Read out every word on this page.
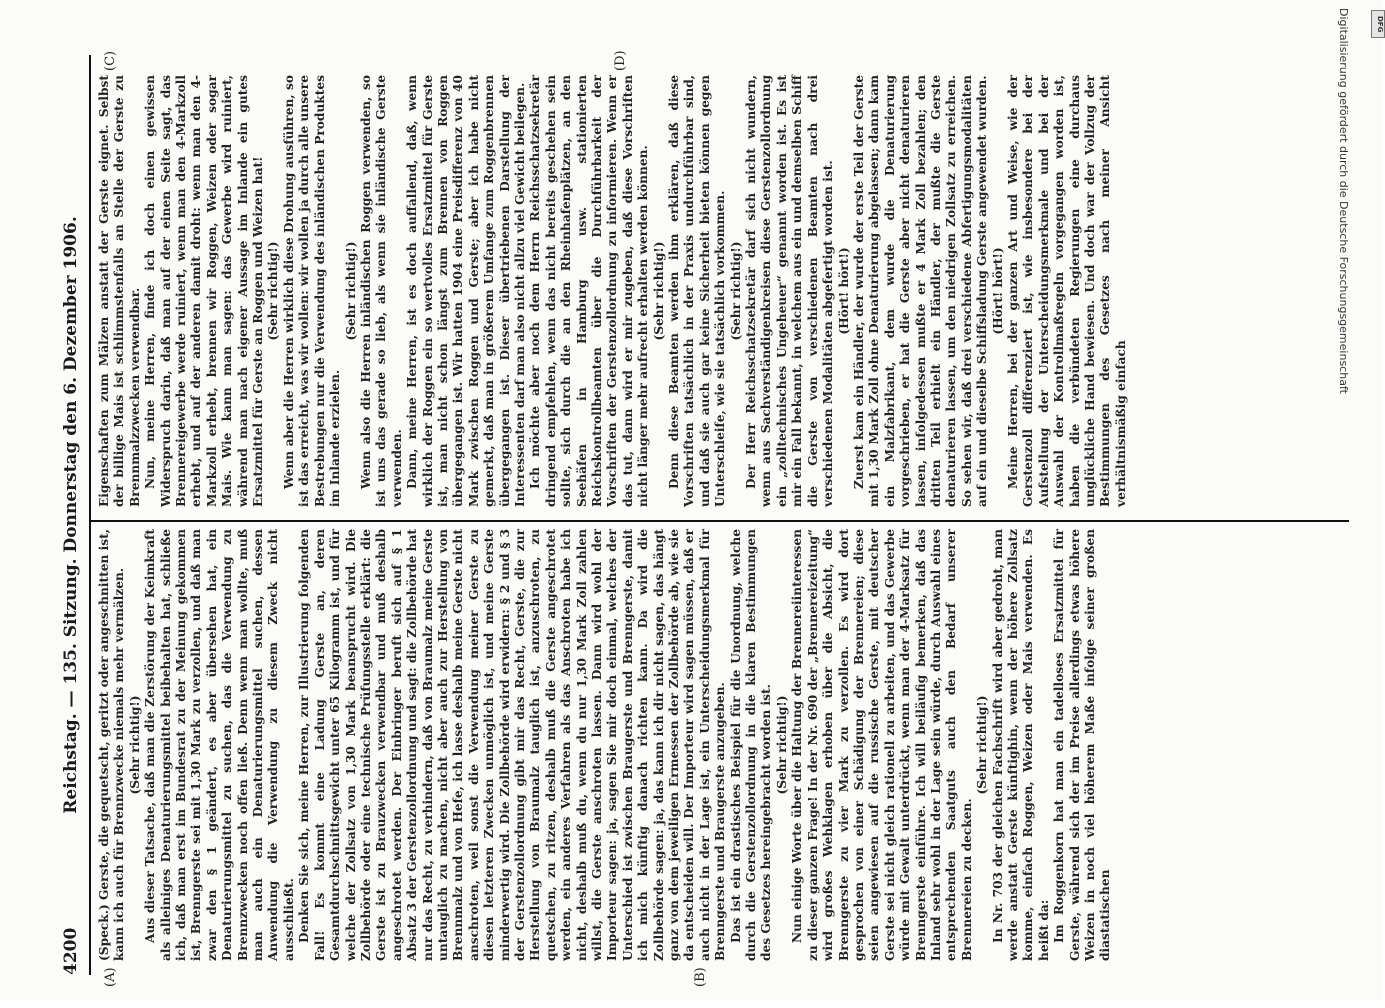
4200
Reichstag. — 135. Sitzung. Donnerstag den 6. Dezember 1906.
(A)	(B)
(C)	(D)

(Speck.) Gerste, die gequetscht, geritzt oder angeschnitten ist, kann ich auch für Brennzwecke niemals mehr vermälzen. (Sehr richtig!) Aus dieser Tatsache, daß man die Zerstörung der Keimkraft als alleiniges Denaturierungsmittel beibehalten hat, schließe ich, daß man erst im Bundesrat zu der Meinung gekommen ist, Brenngerste sei mit 1,30 Mark zu verzollen, und daß man zwar den § 1 geändert, es aber übersehen hat, ein Denaturierungsmittel zu suchen, das die Verwendung zu Brennzwecken noch offen ließ. Denn wenn man wollte, muß man auch ein Denaturierungsmittel suchen, dessen Anwendung die Verwendung zu diesem Zweck nicht ausschließt. Denken Sie sich, meine Herren, zur Illustrierung folgenden Fall! Es kommt eine Ladung Gerste an, deren Gesamtdurchschnittsgewicht unter 65 Kilogramm ist, und für welche der Zollsatz von 1,30 Mark beansprucht wird. Die Zollbehörde oder eine technische Prüfungsstelle erklärt: die Gerste ist zu Brauzwecken verwendbar und muß deshalb angeschrotet werden. Der Einbringer beruft sich auf § 1 Absatz 3 der Gerstenzollordnung und sagt: die Zollbehörde hat nur das Recht, zu verhindern, daß von Braumalz meine Gerste untauglich zu machen, nicht aber auch zur Herstellung von Brennmalz und von Hefe, ich lasse deshalb meine Gerste nicht anschroten, weil sonst die Verwendung meiner Gerste zu diesen letzteren Zwecken unmöglich ist, und meine Gerste minderwertig wird. Die Zollbehörde wird erwidern: § 2 und § 3 der Gerstenzollordnung gibt mir das Recht, Gerste, die zur Herstellung von Braumalz tauglich ist, anzuschroten, zu quetschen, zu ritzen, deshalb muß die Gerste angeschrotet werden, ein anderes Verfahren als das Anschroten habe ich nicht, deshalb muß du, wenn du nur 1,30 Mark Zoll zahlen willst, die Gerste anschroten lassen. Dann wird wohl der Importeur sagen: ja, sagen Sie mir doch einmal, welches der Unterschied ist zwischen Braugerste und Brenngerste, damit ich mich künftig danach richten kann. Da wird die Zollbehörde sagen: ja, das kann ich dir nicht sagen, das hängt ganz von dem jeweiligen Ermessen der Zollbehörde ab, wie sie da entscheiden will. Der Importeur wird sagen müssen, daß er auch nicht in der Lage ist, ein Unterscheidungsmerkmal für Brenngerste und Braugerste anzugeben. Das ist ein drastisches Beispiel für die Unordnung, welche durch die Gerstenzollordnung in die klaren Bestimmungen des Gesetzes hereingebracht worden ist. (Sehr richtig!) Nun einige Worte über die Haltung der Brennereiinteressen zu dieser ganzen Frage! In der Nr. 690 der „Brennereizeitung“ wird großes Wehklagen erhoben über die Absicht, die Brenngerste zu vier Mark zu verzollen. Es wird dort gesprochen von einer Schädigung der Brennereien; diese seien angewiesen auf die russische Gerste, mit deutscher Gerste sei nicht gleich rationell zu arbeiten, und das Gewerbe würde mit Gewalt unterdrückt, wenn man der 4-Marksatz für Brenngerste einführe. Ich will beiläufig bemerken, daß das Inland sehr wohl in der Lage sein würde, durch Auswahl eines entsprechenden Saatguts auch den Bedarf unserer Brennereien zu decken.

(Sehr richtig!) In Nr. 703 der gleichen Fachschrift wird aber gedroht, man werde anstatt Gerste künftighin, wenn der höhere Zollsatz komme, einfach Roggen, Weizen oder Mais verwenden. Es heißt da: Im Roggenkorn hat man ein tadelloses Ersatzmittel für Gerste, während sich der im Preise allerdings etwas höhere Weizen in noch viel höherem Maße infolge seiner großen diastatischen

Eigenschaften zum Mälzen anstatt der Gerste eignet. Selbst der billige Mais ist schlimmstenfalls an Stelle der Gerste zu Brennmalzzwecken verwendbar. Nun, meine Herren, finde ich doch einen gewissen Widerspruch darin, daß man auf der einen Seite sagt, das Brennereigewerbe werde ruiniert, wenn man den 4-Markzoll erhebt, und auf der anderen damit droht: wenn man den 4-Markzoll erhebt, brennen wir Roggen, Weizen oder sogar Mais. Wie kann man sagen: das Gewerbe wird ruiniert, während man nach eigener Aussage im Inlande ein gutes Ersatzmittel für Gerste an Roggen und Weizen hat! (Sehr richtig!) Wenn aber die Herren wirklich diese Drohung ausführen, so ist das erreicht, was wir wollen: wir wollen ja durch alle unsere Bestrebungen nur die Verwendung des inländischen Produktes im Inlande erzielen.

(Sehr richtig!) Wenn also die Herren inländischen Roggen verwenden, so ist uns das gerade so lieb, als wenn sie inländische Gerste verwenden. Dann, meine Herren, ist es doch auffallend, daß, wenn wirklich der Roggen ein so wertvolles Ersatzmittel für Gerste ist, man nicht schon längst zum Brennen von Roggen übergegangen ist. Wir hatten 1904 eine Preisdifferenz von 40 Mark zwischen Roggen und Gerste; aber ich habe nicht gemerkt, daß man in größerem Umfange zum Roggenbrennen übergegangen ist. Dieser übertriebenen Darstellung der Interessenten darf man also nicht allzu viel Gewicht beilegen. Ich möchte aber noch dem Herrn Reichsschatzsekretär dringend empfehlen, wenn das nicht bereits geschehen sein sollte, sich durch die an den Rheinhafenplätzen, an den Seehäfen in Hamburg usw. stationierten Reichskontrollbeamten über die Durchführbarkeit der Vorschriften der Gerstenzollordnung zu informieren. Wenn er das tut, dann wird er mir zugeben, daß diese Vorschriften nicht länger mehr aufrecht erhalten werden können. (Sehr richtig!) Denn diese Beamten werden ihm erklären, daß diese Vorschriften tatsächlich in der Praxis undurchführbar sind, und daß sie auch gar keine Sicherheit bieten können gegen Unterschleife, wie sie tatsächlich vorkommen. (Sehr richtig!) Der Herr Reichsschatzsekretär darf sich nicht wundern, wenn aus Sachverständigenkreisen diese Gerstenzollordnung ein „zolltechnisches Ungeheuer“ genannt worden ist. Es ist mir ein Fall bekannt, in welchem aus ein und demselben Schiff die Gerste von verschiedenen Beamten nach drei verschiedenen Modalitäten abgefertigt worden ist. (Hört! hört!) Zuerst kam ein Händler, der wurde der erste Teil der Gerste mit 1,30 Mark Zoll ohne Denaturierung abgelassen; dann kam ein Malzfabrikant, dem wurde die Denaturierung vorgeschrieben, er hat die Gerste aber nicht denaturieren lassen, infolgedessen mußte er 4 Mark Zoll bezahlen; den dritten Teil erhielt ein Händler, der mußte die Gerste denaturieren lassen, um den niedrigen Zollsatz zu erreichen. So sehen wir, daß drei verschiedene Abfertigungsmodalitäten auf ein und dieselbe Schiffsladung Gerste angewendet wurden. (Hört! hört!) Meine Herren, bei der ganzen Art und Weise, wie der Gerstenzoll differenziert ist, wie insbesondere bei der Aufstellung der Unterscheidungsmerkmale und bei der Auswahl der Kontrollmaßregeln vorgegangen worden ist, haben die verbündeten Regierungen eine durchaus unglückliche Hand bewiesen. Und doch war der Vollzug der Bestimmungen des Gesetzes nach meiner Ansicht verhältnismäßig einfach

Digitalisierung gefördert durch die Deutsche Forschungsgemeinschaft	DFG
